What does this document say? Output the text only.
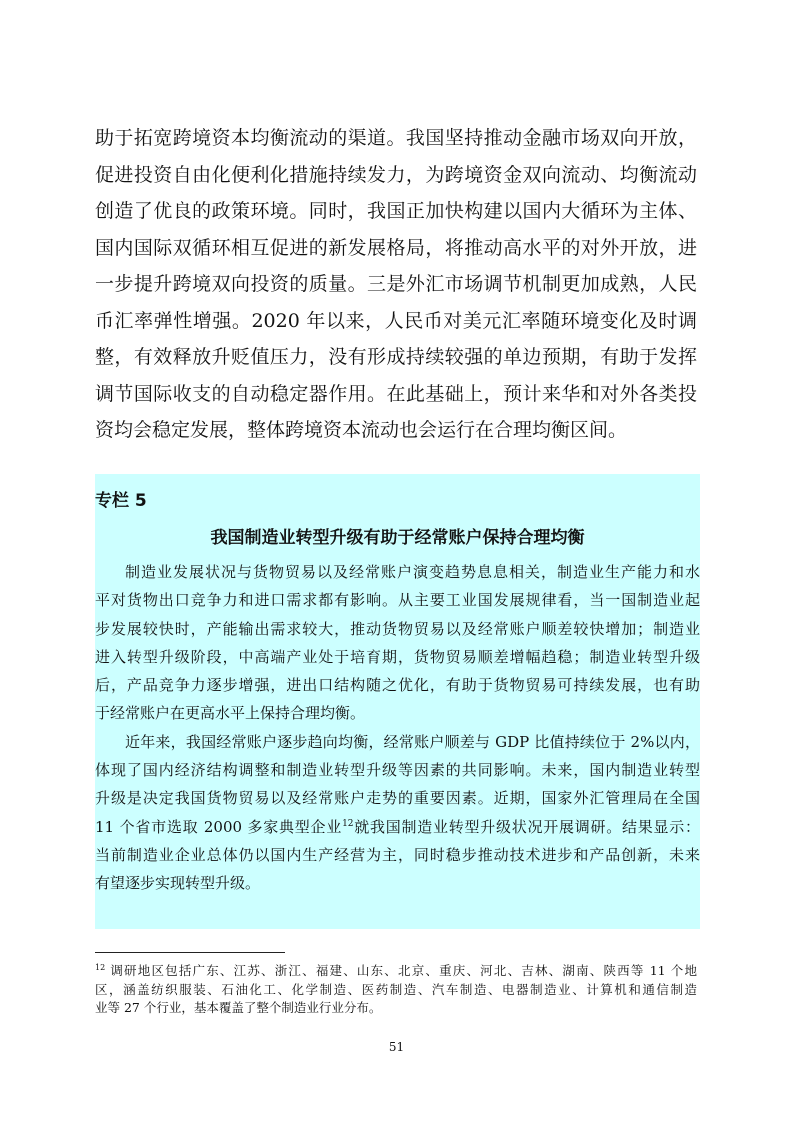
助于拓宽跨境资本均衡流动的渠道。我国坚持推动金融市场双向开放，
促进投资自由化便利化措施持续发力，为跨境资金双向流动、均衡流动
创造了优良的政策环境。同时，我国正加快构建以国内大循环为主体、
国内国际双循环相互促进的新发展格局，将推动高水平的对外开放，进
一步提升跨境双向投资的质量。三是外汇市场调节机制更加成熟，人民
币汇率弹性增强。2020 年以来，人民币对美元汇率随环境变化及时调
整，有效释放升贬值压力，没有形成持续较强的单边预期，有助于发挥
调节国际收支的自动稳定器作用。在此基础上，预计来华和对外各类投
资均会稳定发展，整体跨境资本流动也会运行在合理均衡区间。
专栏 5
我国制造业转型升级有助于经常账户保持合理均衡
制造业发展状况与货物贸易以及经常账户演变趋势息息相关，制造业生产能力和水
平对货物出口竞争力和进口需求都有影响。从主要工业国发展规律看，当一国制造业起
步发展较快时，产能输出需求较大，推动货物贸易以及经常账户顺差较快增加；制造业
进入转型升级阶段，中高端产业处于培育期，货物贸易顺差增幅趋稳；制造业转型升级
后，产品竞争力逐步增强，进出口结构随之优化，有助于货物贸易可持续发展，也有助
于经常账户在更高水平上保持合理均衡。
近年来，我国经常账户逐步趋向均衡，经常账户顺差与 GDP 比值持续位于 2%以内，
体现了国内经济结构调整和制造业转型升级等因素的共同影响。未来，国内制造业转型
升级是决定我国货物贸易以及经常账户走势的重要因素。近期，国家外汇管理局在全国
11 个省市选取 2000 多家典型企业$^{12}$就我国制造业转型升级状况开展调研。结果显示：
当前制造业企业总体仍以国内生产经营为主，同时稳步推动技术进步和产品创新，未来
有望逐步实现转型升级。
$^{12}$ 调研地区包括广东、江苏、浙江、福建、山东、北京、重庆、河北、吉林、湖南、陕西等 11 个地
区，涵盖纺织服装、石油化工、化学制造、医药制造、汽车制造、电器制造业、计算机和通信制造
业等 27 个行业，基本覆盖了整个制造业行业分布。
51
